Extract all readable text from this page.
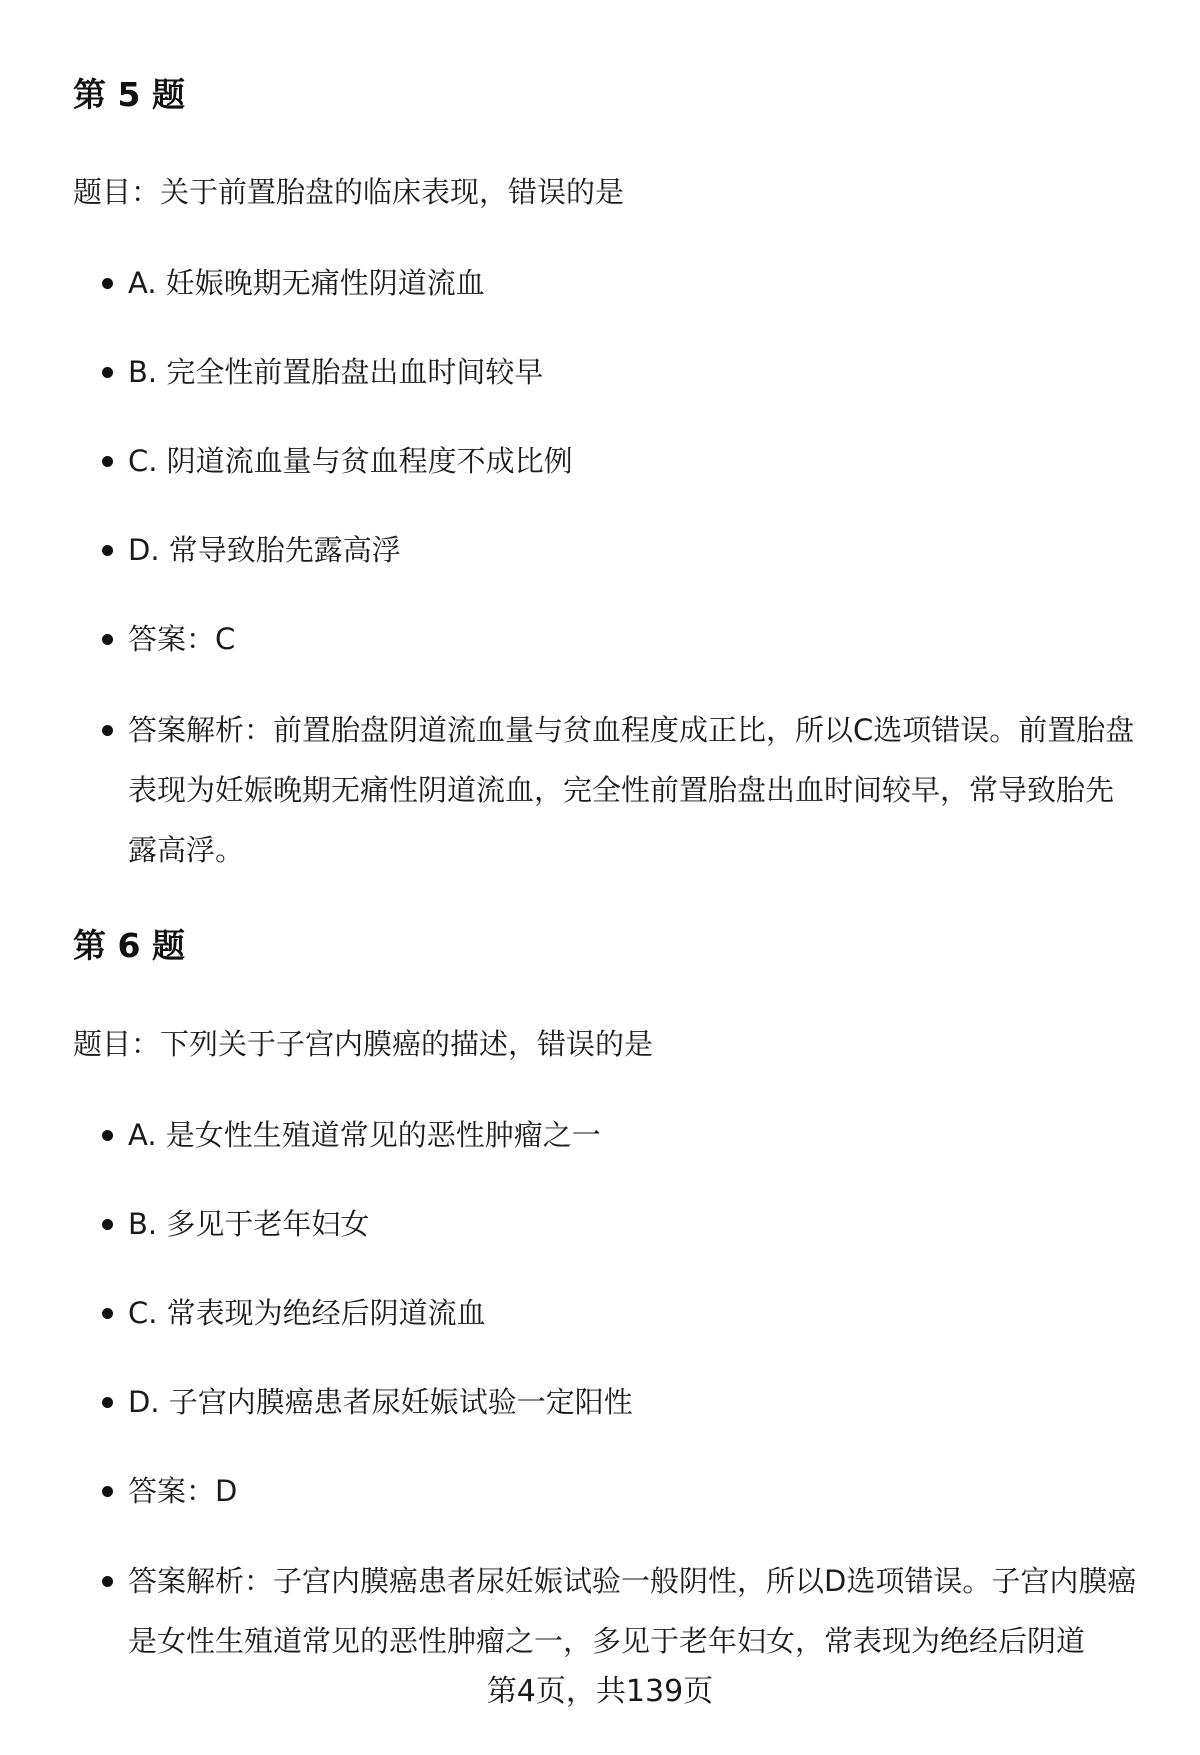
第 5 题

题目：关于前置胎盘的临床表现，错误的是

A. 妊娠晚期无痛性阴道流血
B. 完全性前置胎盘出血时间较早
C. 阴道流血量与贫血程度不成比例
D. 常导致胎先露高浮
答案：C
答案解析：前置胎盘阴道流血量与贫血程度成正比，所以C选项错误。前置胎盘表现为妊娠晚期无痛性阴道流血，完全性前置胎盘出血时间较早，常导致胎先露高浮。
第 6 题

题目：下列关于子宫内膜癌的描述，错误的是

A. 是女性生殖道常见的恶性肿瘤之一
B. 多见于老年妇女
C. 常表现为绝经后阴道流血
D. 子宫内膜癌患者尿妊娠试验一定阳性
答案：D
答案解析：子宫内膜癌患者尿妊娠试验一般阴性，所以D选项错误。子宫内膜癌是女性生殖道常见的恶性肿瘤之一，多见于老年妇女，常表现为绝经后阴道
第4页，共139页
